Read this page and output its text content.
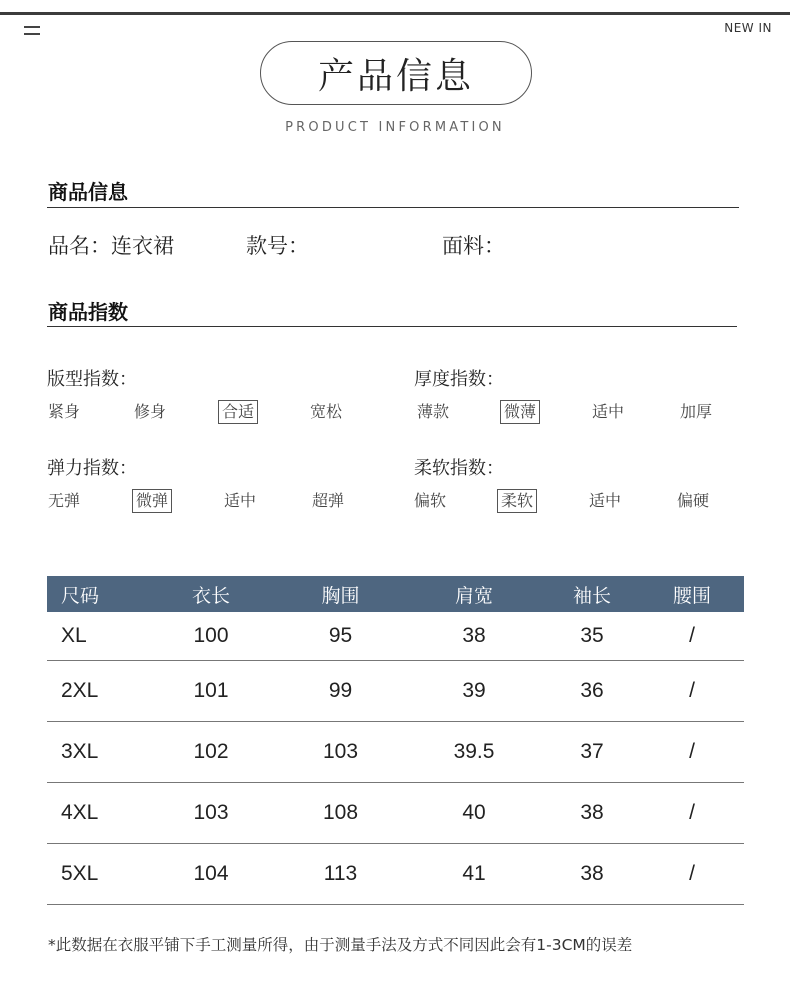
NEW IN
产品信息
PRODUCT INFORMATION
商品信息
品名：连衣裙	款号：	面料：
商品指数
版型指数：
紧身	修身	合适	宽松
厚度指数：
薄款	微薄	适中	加厚
弹力指数：
无弹	微弹	适中	超弹
柔软指数：
偏软	柔软	适中	偏硬
尺码	衣长	胸围	肩宽	袖长	腰围
XL	100	95	38	35	/
2XL	101	99	39	36	/
3XL	102	103	39.5	37	/
4XL	103	108	40	38	/
5XL	104	113	41	38	/
*此数据在衣服平铺下手工测量所得，由于测量手法及方式不同因此会有1-3CM的误差
